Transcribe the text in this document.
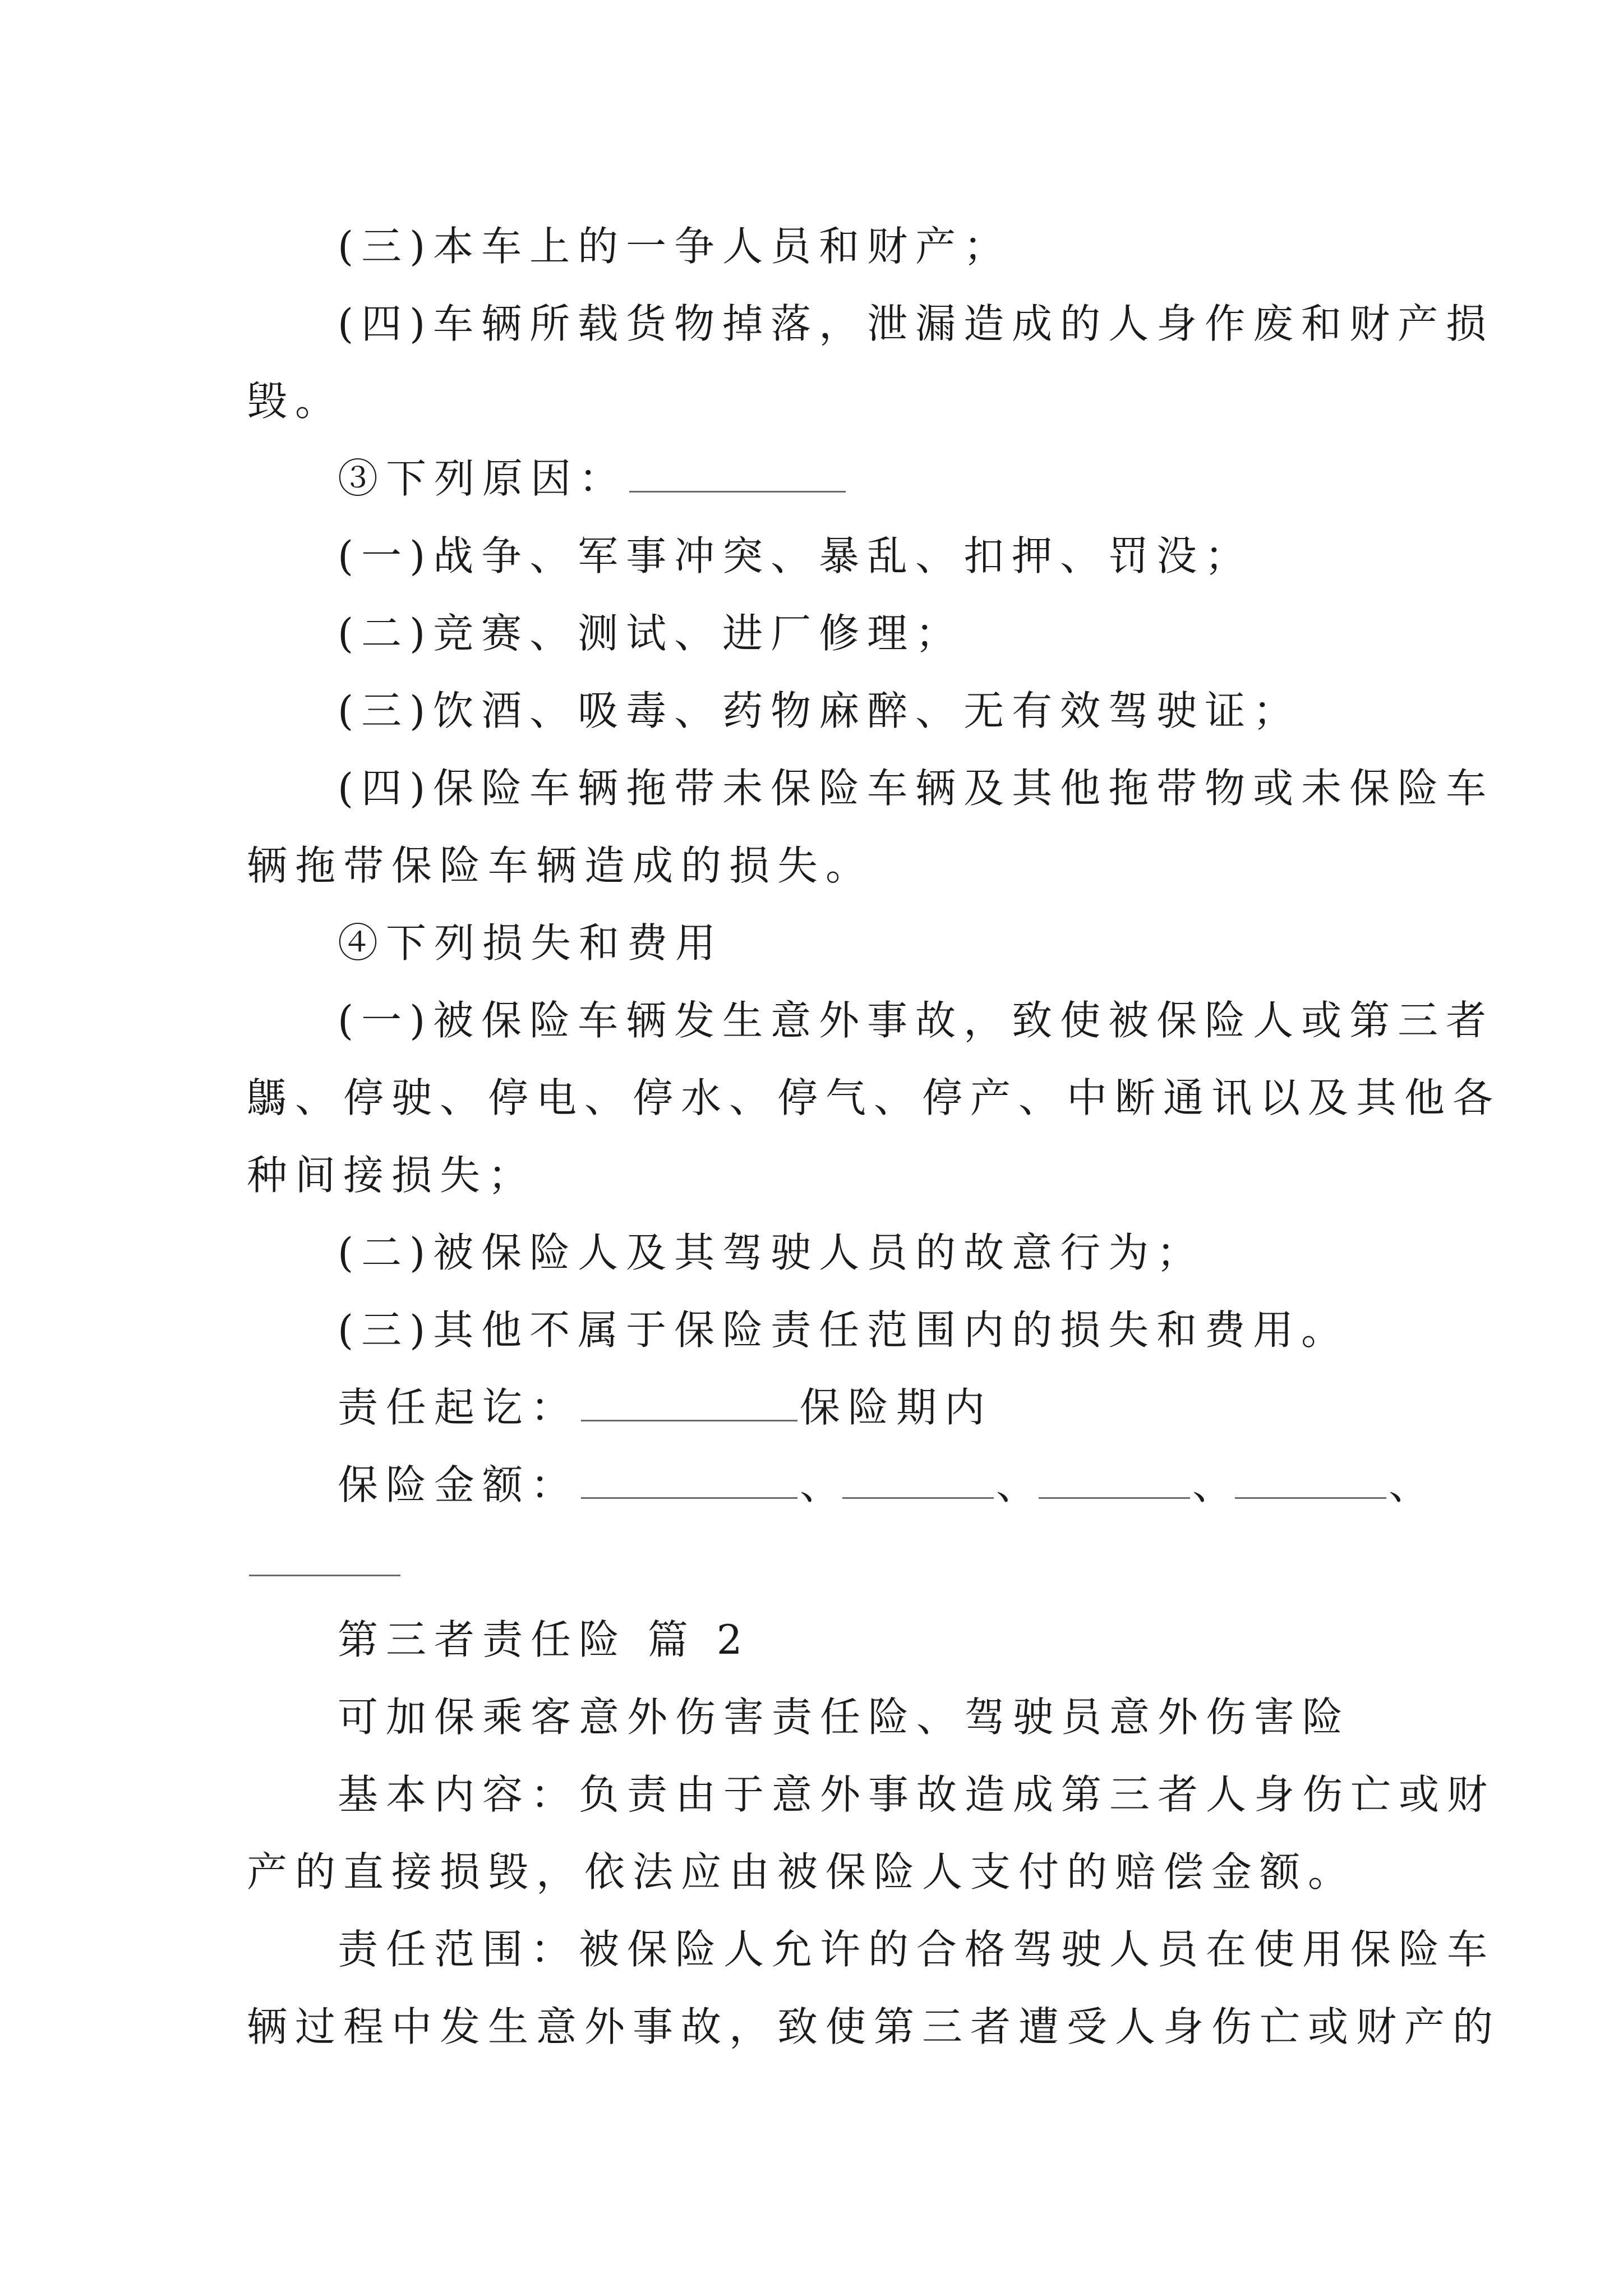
(三)本车上的一争人员和财产；
(四)车辆所载货物掉落，泄漏造成的人身作废和财产损
毁。
③下列原因：
(一)战争、军事冲突、暴乱、扣押、罚没；
(二)竞赛、测试、进厂修理；
(三)饮酒、吸毒、药物麻醉、无有效驾驶证；
(四)保险车辆拖带未保险车辆及其他拖带物或未保险车
辆拖带保险车辆造成的损失。
④下列损失和费用
(一)被保险车辆发生意外事故，致使被保险人或第三者
鷌、停驶、停电、停水、停气、停产、中断通讯以及其他各
种间接损失；
(二)被保险人及其驾驶人员的故意行为；
(三)其他不属于保险责任范围内的损失和费用。
责任起讫：	保险期内
保险金额：	、	、	、	、
第三者责任险 篇 2
可加保乘客意外伤害责任险、驾驶员意外伤害险
基本内容：负责由于意外事故造成第三者人身伤亡或财
产的直接损毁，依法应由被保险人支付的赔偿金额。
责任范围：被保险人允许的合格驾驶人员在使用保险车
辆过程中发生意外事故，致使第三者遭受人身伤亡或财产的
